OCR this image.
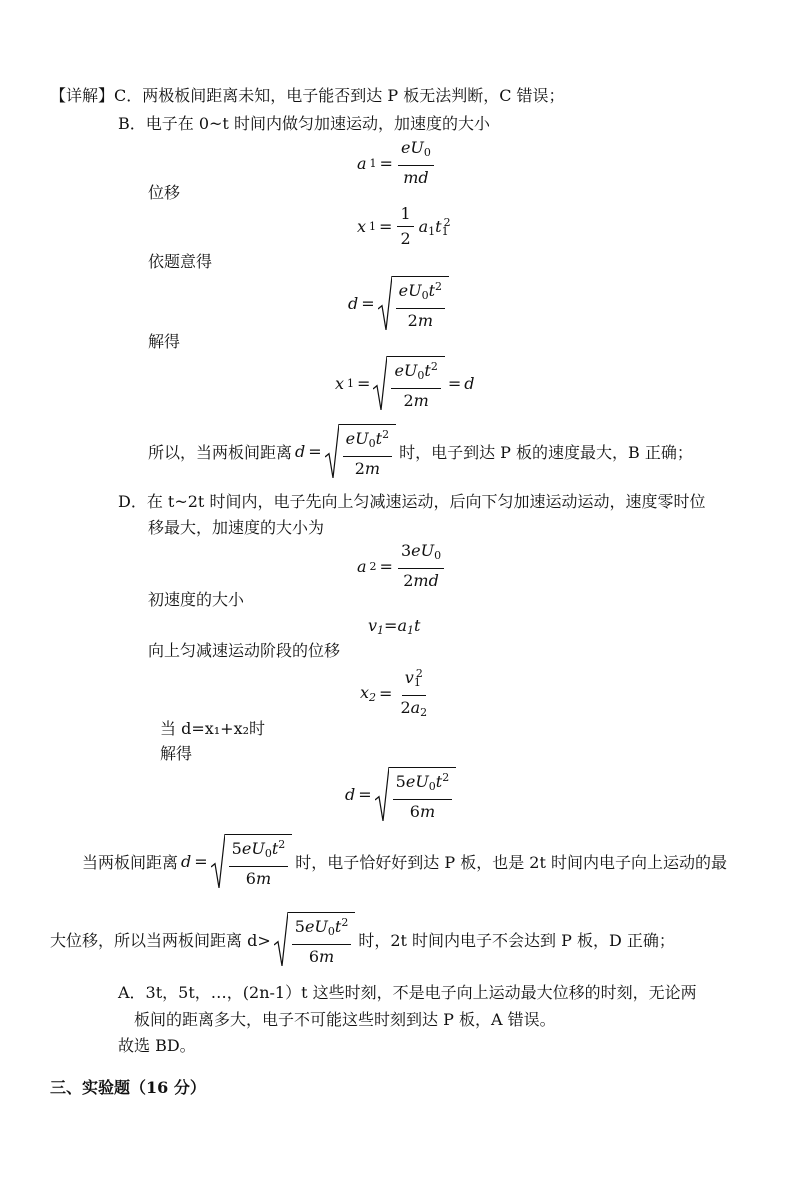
【详解】C．两极板间距离未知，电子能否到达 P 板无法判断，C 错误；
B．电子在 0~t 时间内做匀加速运动，加速度的大小
a $1 = \frac{eU_0}{md}$
位移
x $1 = \frac{1}{2} a_1t_1^2$
依题意得
$d = \frac{eU_0t^2}{2m}$
解得
x $1 = \frac{eU_0t^2}{2m} = d$
所以，当两板间距离 $d = \frac{eU_0t^2}{2m}$ 时，电子到达 P 板的速度最大，B 正确；
D．在 t~2t 时间内，电子先向上匀减速运动，后向下匀加速运动运动，速度零时位
移最大，加速度的大小为
a $2 = \frac{3eU_0}{2md}$
初速度的大小
$v_1=a_1t$
向上匀减速运动阶段的位移
$x_2 = \frac{v_1^2}{2a_2}$
当 d=x₁+x₂时
解得
$d = \frac{5eU_0t^2}{6m}$
当两板间距离 $d = \frac{5eU_0t^2}{6m}$ 时，电子恰好好到达 P 板，也是 2t 时间内电子向上运动的最
大位移，所以当两板间距离 $d> \frac{5eU_0t^2}{6m}$ 时，2t 时间内电子不会达到 P 板，D 正确；
A．3t，5t，…，(2n-1）t 这些时刻，不是电子向上运动最大位移的时刻，无论两
板间的距离多大，电子不可能这些时刻到达 P 板，A 错误。
故选 BD。
三、实验题（16 分）
